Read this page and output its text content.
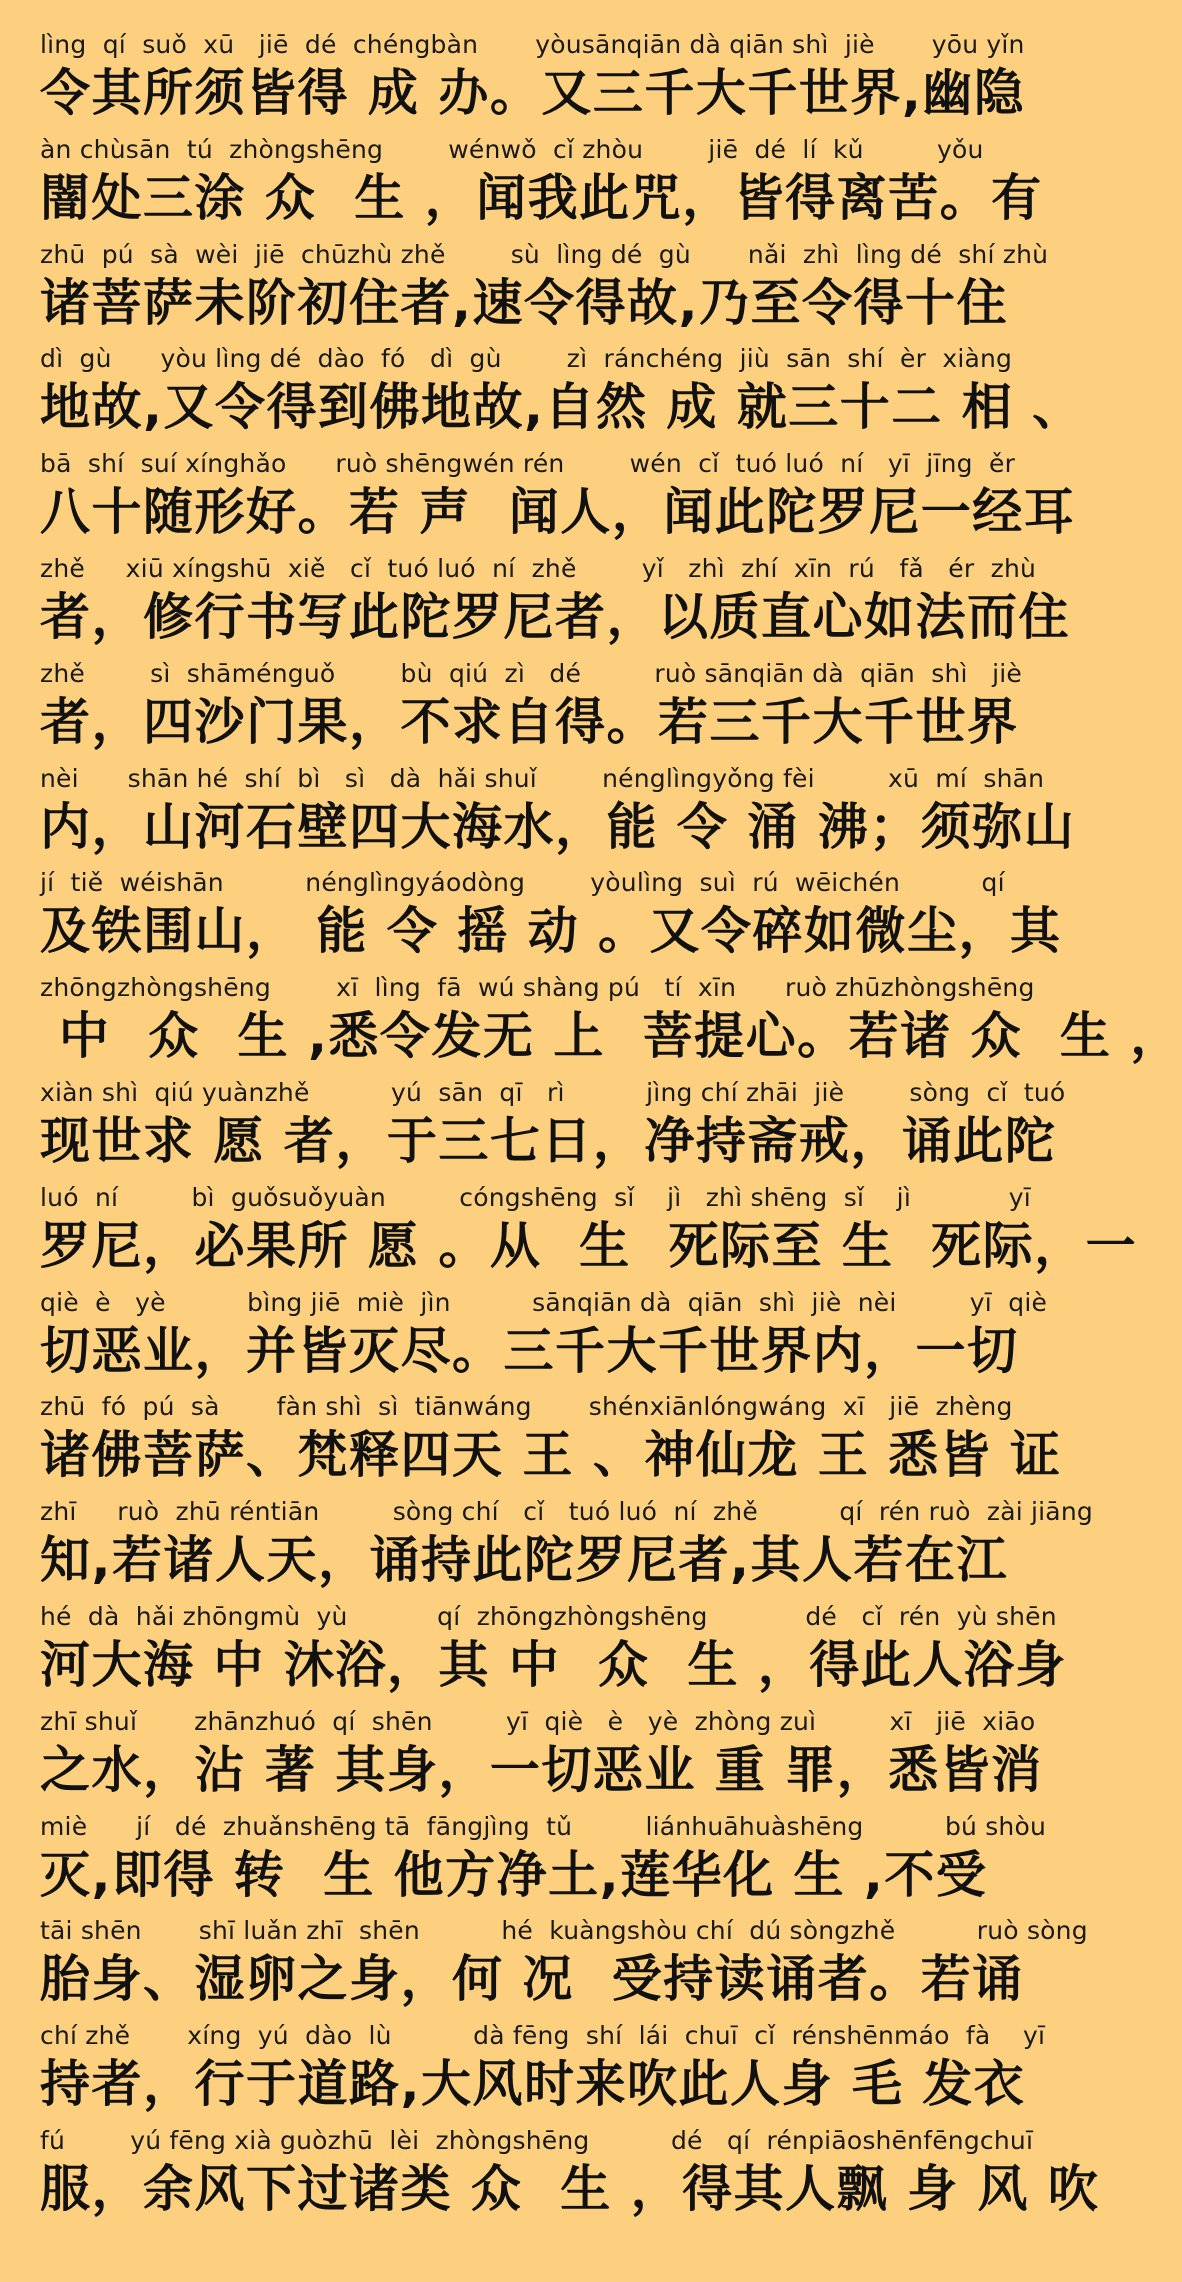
lìng  qí  suǒ  xū   jiē  dé  chéngbàn       yòusānqiān dà qiān shì  jiè       yōu yǐn
令其所须皆得 成 办。又三千大千世界,幽隐
àn chùsān  tú  zhòngshēng        wénwǒ  cǐ zhòu        jiē  dé  lí  kǔ         yǒu
闇处三涂 众  生 ，闻我此咒，皆得离苦。有
zhū  pú  sà  wèi  jiē  chūzhù zhě        sù  lìng dé  gù       nǎi  zhì  lìng dé  shí zhù
诸菩萨未阶初住者,速令得故,乃至令得十住
dì  gù      yòu lìng dé  dào  fó   dì  gù        zì  ránchéng  jiù  sān  shí  èr  xiàng
地故,又令得到佛地故,自然 成 就三十二 相 、
bā  shí  suí xínghǎo      ruò shēngwén rén        wén  cǐ  tuó luó  ní   yī  jīng  ěr
八十随形好。若 声  闻人，闻此陀罗尼一经耳
zhě     xiū xíngshū  xiě   cǐ  tuó luó  ní  zhě        yǐ   zhì  zhí  xīn  rú   fǎ   ér  zhù
者，修行书写此陀罗尼者，以质直心如法而住
zhě        sì  shāménguǒ        bù  qiú  zì   dé         ruò sānqiān dà  qiān  shì   jiè
者，四沙门果，不求自得。若三千大千世界
nèi      shān hé  shí  bì   sì   dà  hǎi shuǐ        nénglìngyǒng fèi         xū  mí  shān
内，山河石壁四大海水，能 令 涌 沸；须弥山
jí  tiě  wéishān          nénglìngyáodòng        yòulìng  suì  rú  wēichén          qí
及铁围山， 能 令 摇 动 。又令碎如微尘，其
zhōngzhòngshēng        xī  lìng  fā  wú shàng pú   tí  xīn      ruò zhūzhòngshēng
中  众  生 ,悉令发无 上  菩提心。若诸 众  生 ，
xiàn shì  qiú yuànzhě          yú  sān  qī   rì          jìng chí zhāi  jiè        sòng  cǐ  tuó
现世求 愿 者，于三七日，净持斋戒，诵此陀
luó  ní         bì  guǒsuǒyuàn         cóngshēng  sǐ    jì   zhì shēng  sǐ    jì            yī
罗尼，必果所 愿 。从  生  死际至 生  死际，一
qiè  è   yè          bìng jiē  miè  jìn          sānqiān dà  qiān  shì  jiè  nèi         yī  qiè
切恶业，并皆灭尽。三千大千世界内，一切
zhū  fó  pú  sà       fàn shì  sì  tiānwáng       shénxiānlóngwáng  xī   jiē  zhèng
诸佛菩萨、梵释四天 王 、神仙龙 王 悉皆 证
zhī     ruò  zhū réntiān         sòng chí   cǐ   tuó luó  ní  zhě          qí  rén ruò  zài jiāng
知,若诸人天，诵持此陀罗尼者,其人若在江
hé  dà  hǎi zhōngmù  yù           qí  zhōngzhòngshēng            dé   cǐ  rén  yù shēn
河大海 中 沐浴，其 中  众  生 ，得此人浴身
zhī shuǐ       zhānzhuó  qí  shēn         yī  qiè   è   yè  zhòng zuì         xī   jiē  xiāo
之水，沾 著 其身，一切恶业 重 罪，悉皆消
miè      jí   dé  zhuǎnshēng tā  fāngjìng  tǔ         liánhuāhuàshēng          bú shòu
灭,即得 转  生 他方净土,莲华化 生 ,不受
tāi shēn       shī luǎn zhī  shēn          hé  kuàngshòu chí  dú sòngzhě          ruò sòng
胎身、湿卵之身，何 况  受持读诵者。若诵
chí zhě       xíng  yú  dào  lù          dà fēng  shí  lái  chuī  cǐ  rénshēnmáo  fà    yī
持者，行于道路,大风时来吹此人身 毛 发衣
fú        yú fēng xià guòzhū  lèi  zhòngshēng          dé   qí  rénpiāoshēnfēngchuī
服，余风下过诸类 众  生 ，得其人飘 身 风 吹
